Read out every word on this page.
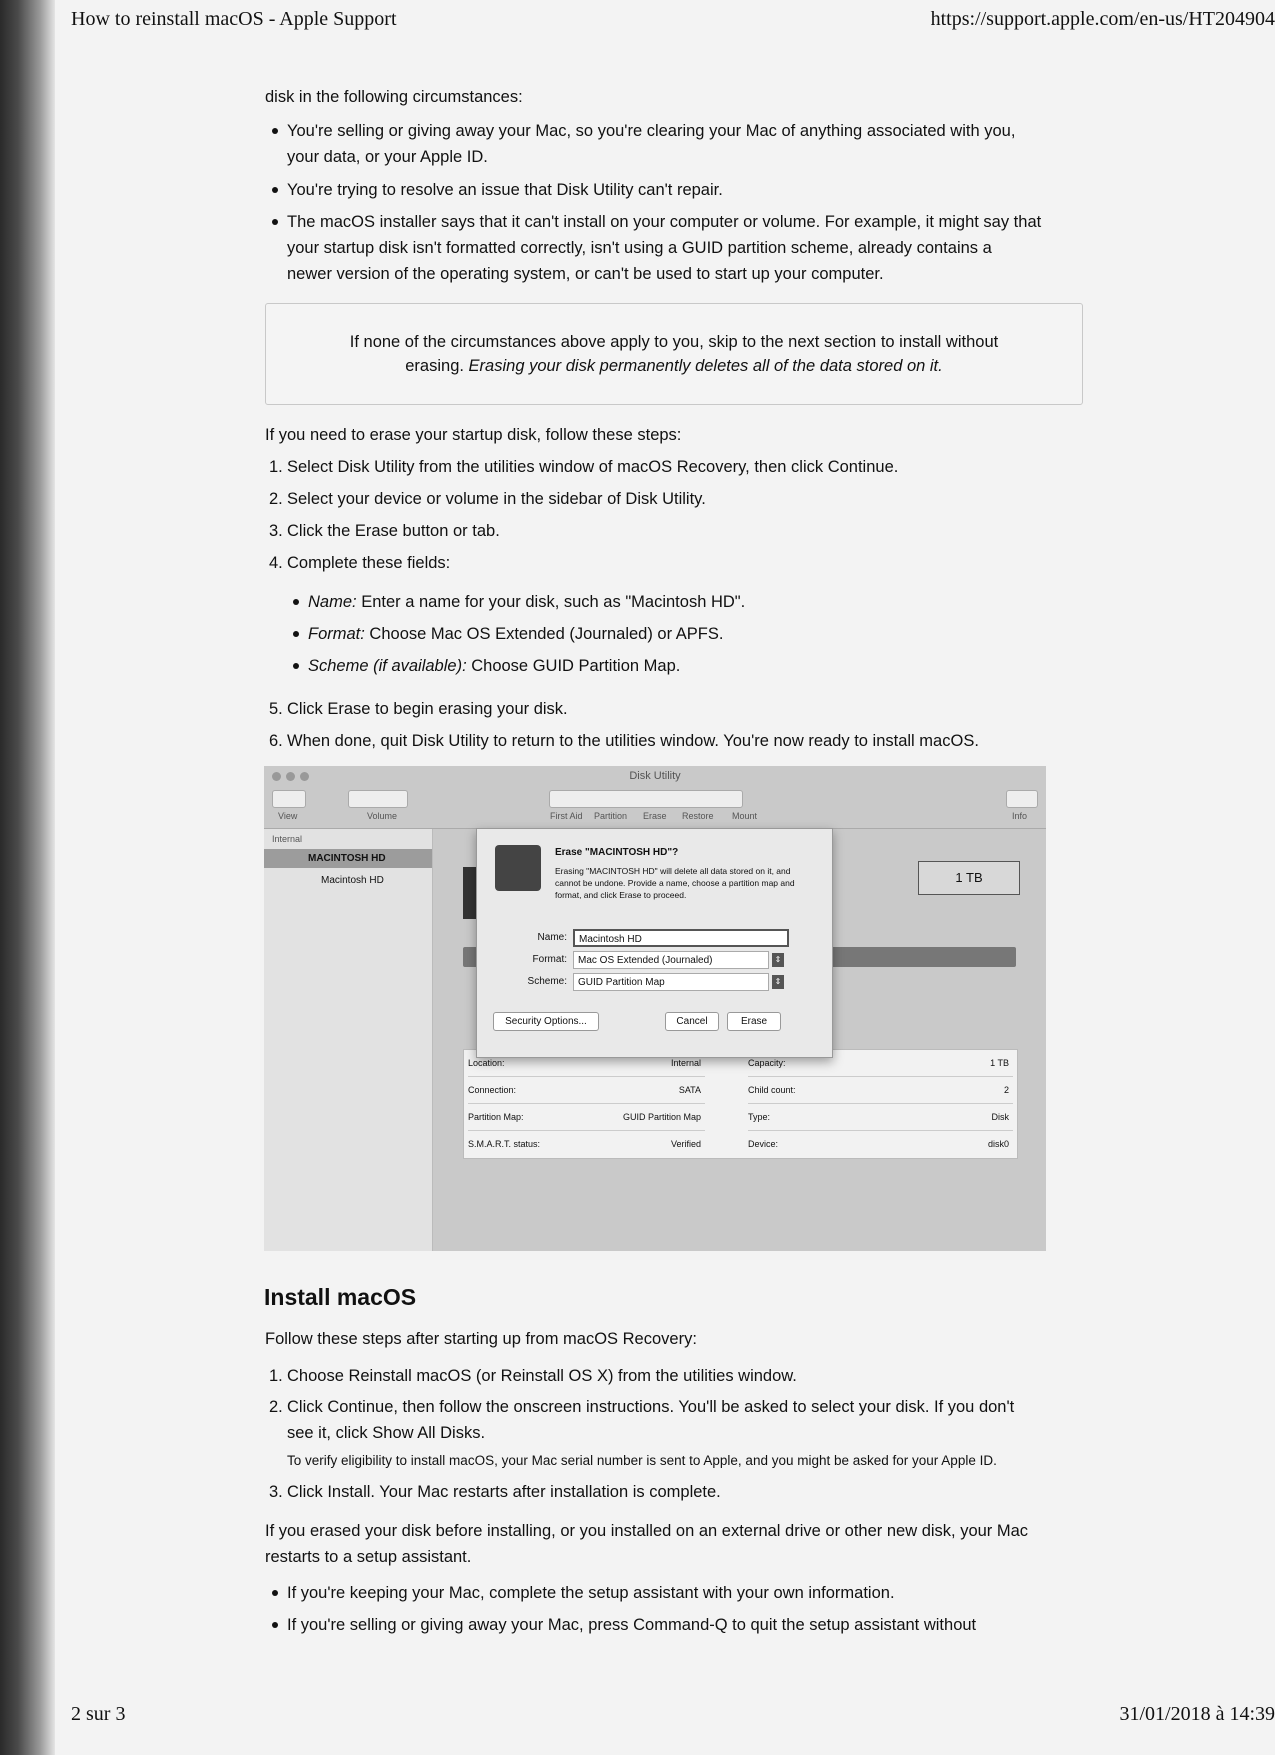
How to reinstall macOS - Apple Support	https://support.apple.com/en-us/HT204904
disk in the following circumstances:
You're selling or giving away your Mac, so you're clearing your Mac of anything associated with you,
your data, or your Apple ID.
You're trying to resolve an issue that Disk Utility can't repair.
The macOS installer says that it can't install on your computer or volume. For example, it might say that
your startup disk isn't formatted correctly, isn't using a GUID partition scheme, already contains a
newer version of the operating system, or can't be used to start up your computer.

If none of the circumstances above apply to you, skip to the next section to install without
erasing. Erasing your disk permanently deletes all of the data stored on it.

If you need to erase your startup disk, follow these steps:
1. Select Disk Utility from the utilities window of macOS Recovery, then click Continue.
2. Select your device or volume in the sidebar of Disk Utility.
3. Click the Erase button or tab.
4. Complete these fields:
Name: Enter a name for your disk, such as "Macintosh HD".
Format: Choose Mac OS Extended (Journaled) or APFS.
Scheme (if available): Choose GUID Partition Map.
5. Click Erase to begin erasing your disk.
6. When done, quit Disk Utility to return to the utilities window. You're now ready to install macOS.
Disk Utility
View	Volume	First Aid Partition Erase Restore Mount	Info
Internal
MACINTOSH HD
Macintosh HD	1 TB
Location:	Internal
Connection:	SATA
Partition Map:	GUID Partition Map
S.M.A.R.T. status:	Verified
Capacity:	1 TB
Child count:	2
Type:	Disk
Device:	disk0
Erase "MACINTOSH HD"?
Erasing "MACINTOSH HD" will delete all data stored on it, and cannot be undone. Provide a name, choose a partition map and format, and click Erase to proceed.
Name:	Macintosh HD
Format:	Mac OS Extended (Journaled)	⇕
Scheme:	GUID Partition Map	⇕
Security Options...	Cancel	Erase
Install macOS
Follow these steps after starting up from macOS Recovery:
1. Choose Reinstall macOS (or Reinstall OS X) from the utilities window.
2. Click Continue, then follow the onscreen instructions. You'll be asked to select your disk. If you don't
see it, click Show All Disks.
To verify eligibility to install macOS, your Mac serial number is sent to Apple, and you might be asked for your Apple ID.
3. Click Install. Your Mac restarts after installation is complete.
If you erased your disk before installing, or you installed on an external drive or other new disk, your Mac
restarts to a setup assistant.
If you're keeping your Mac, complete the setup assistant with your own information.
If you're selling or giving away your Mac, press Command-Q to quit the setup assistant without
2 sur 3	31/01/2018 à 14:39
